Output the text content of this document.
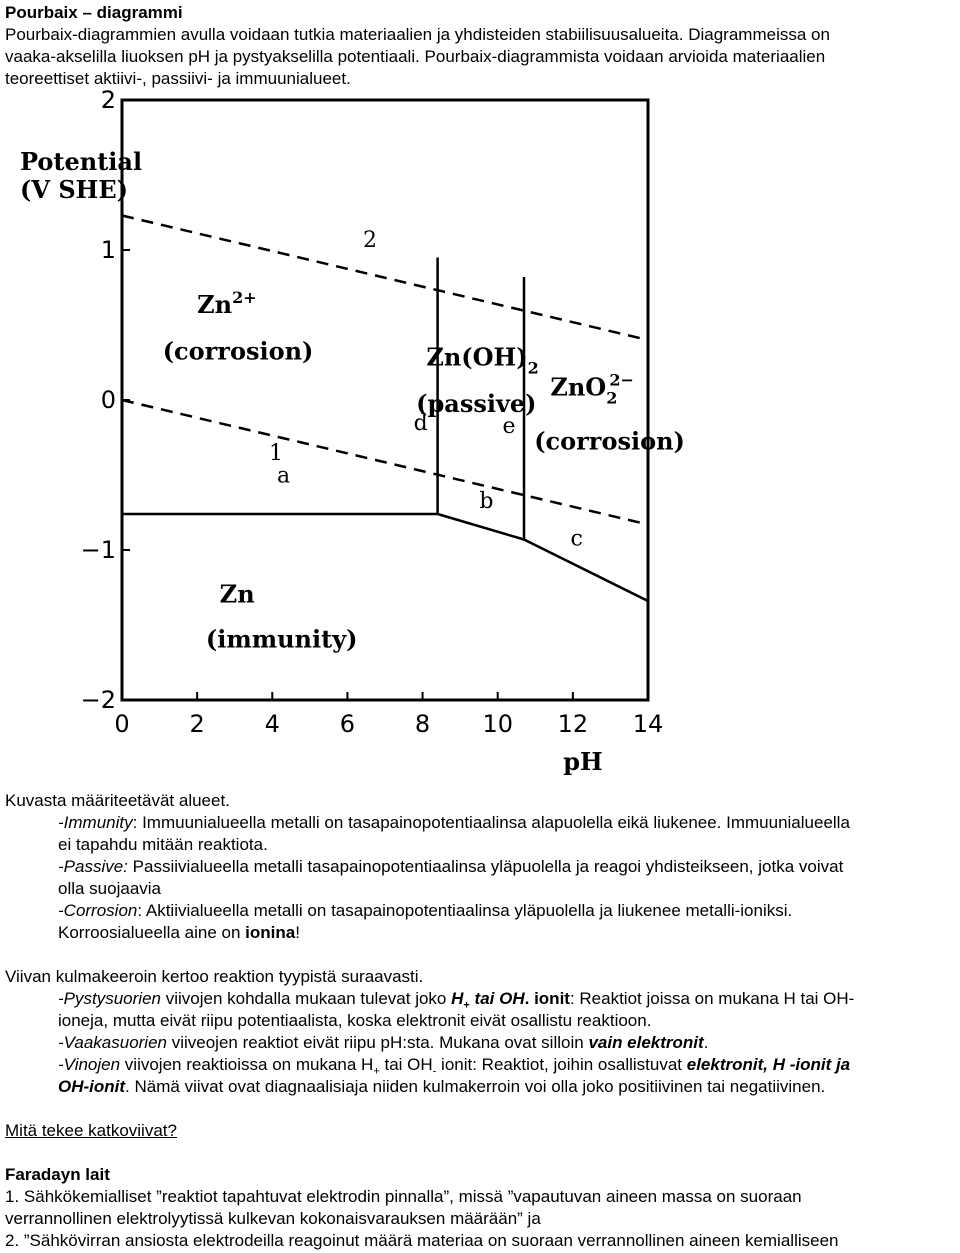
Pourbaix – diagrammi
Pourbaix-diagrammien avulla voidaan tutkia materiaalien ja yhdisteiden stabiilisuusalueita. Diagrammeissa on
vaaka-akselilla liuoksen pH ja pystyakselilla potentiaali. Pourbaix-diagrammista voidaan arvioida materiaalien
teoreettiset aktiivi-, passiivi- ja immuunialueet.
0 2 4 6 8 10 12 14
−2
−1
0
1
2
1
2
a
b
c
d	e
Potential
(V SHE)
pH
$Zn^{2+}$
(corrosion)	$Zn(OH)_2$
(passive)
ZnO$_2$2−
(corrosion)
Zn
(immunity)
Kuvasta määriteetävät alueet.
-Immunity: Immuunialueella metalli on tasapainopotentiaalinsa alapuolella eikä liukenee. Immuunialueella
ei tapahdu mitään reaktiota.
-Passive: Passiivialueella metalli tasapainopotentiaalinsa yläpuolella ja reagoi yhdisteikseen, jotka voivat
olla suojaavia
-Corrosion: Aktiivialueella metalli on tasapainopotentiaalinsa yläpuolella ja liukenee metalli-ioniksi.
Korroosialueella aine on ionina!
Viivan kulmakeeroin kertoo reaktion tyypistä suraavasti.
-Pystysuorien viivojen kohdalla mukaan tulevat joko $H_+$ tai OH. ionit: Reaktiot joissa on mukana H tai OH-
ioneja, mutta eivät riipu potentiaalista, koska elektronit eivät osallistu reaktioon.
-Vaakasuorien viiveojen reaktiot eivät riipu pH:sta. Mukana ovat silloin vain elektronit.
-Vinojen viivojen reaktioissa on mukana $H_+$ tai $OH_-$ ionit: Reaktiot, joihin osallistuvat elektronit, H -ionit ja
OH-ionit. Nämä viivat ovat diagnaalisiaja niiden kulmakerroin voi olla joko positiivinen tai negatiivinen.
Mitä tekee katkoviivat?
Faradayn lait
1. Sähkökemialliset ”reaktiot tapahtuvat elektrodin pinnalla”, missä ”vapautuvan aineen massa on suoraan
verrannollinen elektrolyytissä kulkevan kokonaisvarauksen määrään” ja
2. ”Sähkövirran ansiosta elektrodeilla reagoinut määrä materiaa on suoraan verrannollinen aineen kemialliseen
